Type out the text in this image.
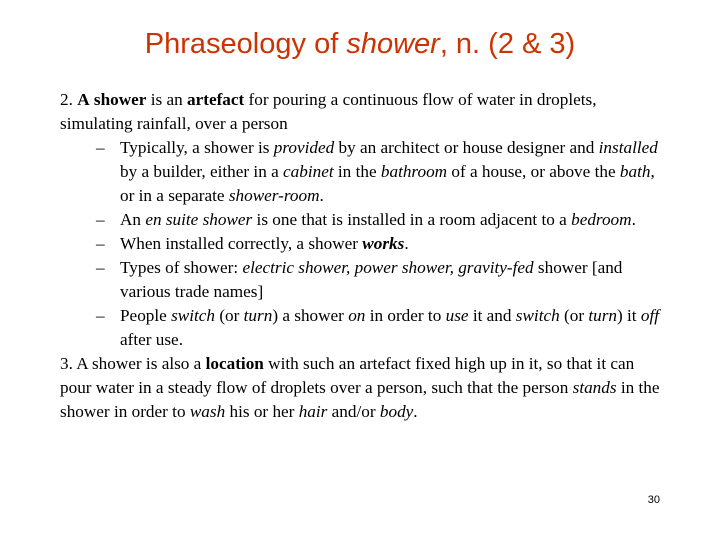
Phraseology of shower, n. (2 & 3)

2. A shower is an artefact for pouring a continuous flow of water in droplets, simulating rainfall, over a person

– Typically, a shower is provided by an architect or house designer and installed by a builder, either in a cabinet in the bathroom of a house, or above the bath, or in a separate shower-room.

– An en suite shower is one that is installed in a room adjacent to a bedroom.

– When installed correctly, a shower works.

– Types of shower: electric shower, power shower, gravity-fed shower [and various trade names]

– People switch (or turn) a shower on in order to use it and switch (or turn) it off after use.

3. A shower is also a location with such an artefact fixed high up in it, so that it can pour water in a steady flow of droplets over a person, such that the person stands in the shower in order to wash his or her hair and/or body.

30
